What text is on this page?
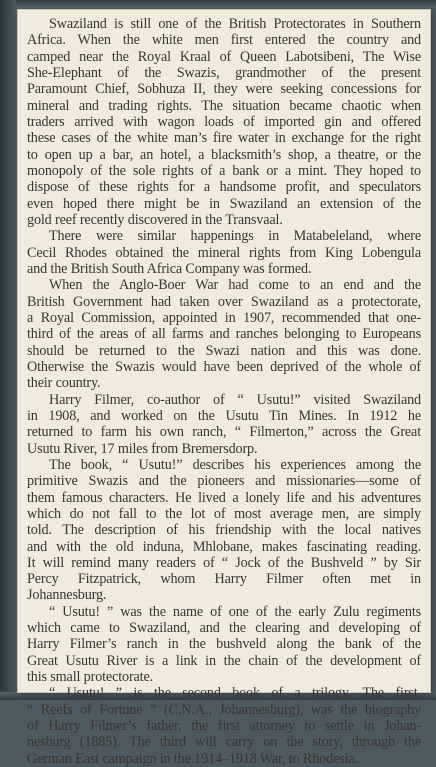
Swaziland is still one of the British Protectorates in Southern
Africa. When the white men first entered the country and
camped near the Royal Kraal of Queen Labotsibeni, The Wise
She-Elephant of the Swazis, grandmother of the present
Paramount Chief, Sobhuza II, they were seeking concessions for
mineral and trading rights. The situation became chaotic when
traders arrived with wagon loads of imported gin and offered
these cases of the white man’s fire water in exchange for the right
to open up a bar, an hotel, a blacksmith’s shop, a theatre, or the
monopoly of the sole rights of a bank or a mint. They hoped to
dispose of these rights for a handsome profit, and speculators
even hoped there might be in Swaziland an extension of the
gold reef recently discovered in the Transvaal.
There were similar happenings in Matabeleland, where
Cecil Rhodes obtained the mineral rights from King Lobengula
and the British South Africa Company was formed.
When the Anglo-Boer War had come to an end and the
British Government had taken over Swaziland as a protectorate,
a Royal Commission, appointed in 1907, recommended that one-
third of the areas of all farms and ranches belonging to Europeans
should be returned to the Swazi nation and this was done.
Otherwise the Swazis would have been deprived of the whole of
their country.
Harry Filmer, co-author of “ Usutu!” visited Swaziland
in 1908, and worked on the Usutu Tin Mines. In 1912 he
returned to farm his own ranch, “ Filmerton,” across the Great
Usutu River, 17 miles from Bremersdorp.
The book, “ Usutu!” describes his experiences among the
primitive Swazis and the pioneers and missionaries—some of
them famous characters. He lived a lonely life and his adventures
which do not fall to the lot of most average men, are simply
told. The description of his friendship with the local natives
and with the old induna, Mhlobane, makes fascinating reading.
It will remind many readers of “ Jock of the Bushveld ” by Sir
Percy Fitzpatrick, whom Harry Filmer often met in
Johannesburg.
“ Usutu! ” was the name of one of the early Zulu regiments
which came to Swaziland, and the clearing and developing of
Harry Filmer’s ranch in the bushveld along the bank of the
Great Usutu River is a link in the chain of the development of
this small protectorate.
“ Usutu! ” is the second book of a trilogy. The first,
“ Reefs of Fortune ” (C.N.A., Johannesburg), was the biography
of Harry Filmer’s father, the first attorney to settle in Johan-
nesburg (1885). The third will carry on the story, through the
German East campaign in the 1914–1918 War, to Rhodesia.
